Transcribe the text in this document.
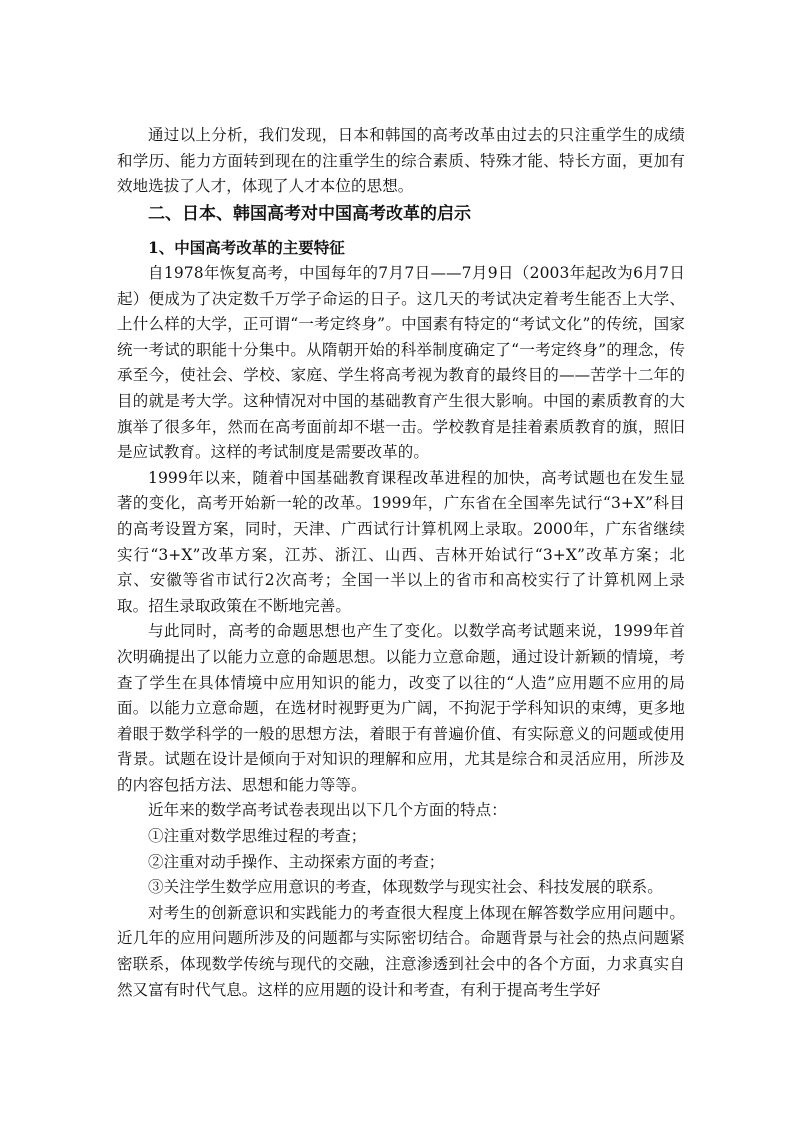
通过以上分析，我们发现，日本和韩国的高考改革由过去的只注重学生的成绩和学历、能力方面转到现在的注重学生的综合素质、特殊才能、特长方面，更加有效地选拔了人才，体现了人才本位的思想。

二、日本、韩国高考对中国高考改革的启示
1、中国高考改革的主要特征

自1978年恢复高考，中国每年的7月7日——7月9日（2003年起改为6月7日起）便成为了决定数千万学子命运的日子。这几天的考试决定着考生能否上大学、上什么样的大学，正可谓“一考定终身”。中国素有特定的“考试文化”的传统，国家统一考试的职能十分集中。从隋朝开始的科举制度确定了“一考定终身”的理念，传承至今，使社会、学校、家庭、学生将高考视为教育的最终目的——苦学十二年的目的就是考大学。这种情况对中国的基础教育产生很大影响。中国的素质教育的大旗举了很多年，然而在高考面前却不堪一击。学校教育是挂着素质教育的旗，照旧是应试教育。这样的考试制度是需要改革的。

1999年以来，随着中国基础教育课程改革进程的加快，高考试题也在发生显著的变化，高考开始新一轮的改革。1999年，广东省在全国率先试行“3+X”科目的高考设置方案，同时，天津、广西试行计算机网上录取。2000年，广东省继续实行“3+X”改革方案，江苏、浙江、山西、吉林开始试行“3+X”改革方案；北京、安徽等省市试行2次高考；全国一半以上的省市和高校实行了计算机网上录取。招生录取政策在不断地完善。

与此同时，高考的命题思想也产生了变化。以数学高考试题来说，1999年首次明确提出了以能力立意的命题思想。以能力立意命题，通过设计新颖的情境，考查了学生在具体情境中应用知识的能力，改变了以往的“人造”应用题不应用的局面。以能力立意命题，在选材时视野更为广阔，不拘泥于学科知识的束缚，更多地着眼于数学科学的一般的思想方法，着眼于有普遍价值、有实际意义的问题或使用背景。试题在设计是倾向于对知识的理解和应用，尤其是综合和灵活应用，所涉及的内容包括方法、思想和能力等等。

近年来的数学高考试卷表现出以下几个方面的特点：

①注重对数学思维过程的考查；

②注重对动手操作、主动探索方面的考查；

③关注学生数学应用意识的考查，体现数学与现实社会、科技发展的联系。

对考生的创新意识和实践能力的考查很大程度上体现在解答数学应用问题中。近几年的应用问题所涉及的问题都与实际密切结合。命题背景与社会的热点问题紧密联系，体现数学传统与现代的交融，注意渗透到社会中的各个方面，力求真实自然又富有时代气息。这样的应用题的设计和考查，有利于提高考生学好
